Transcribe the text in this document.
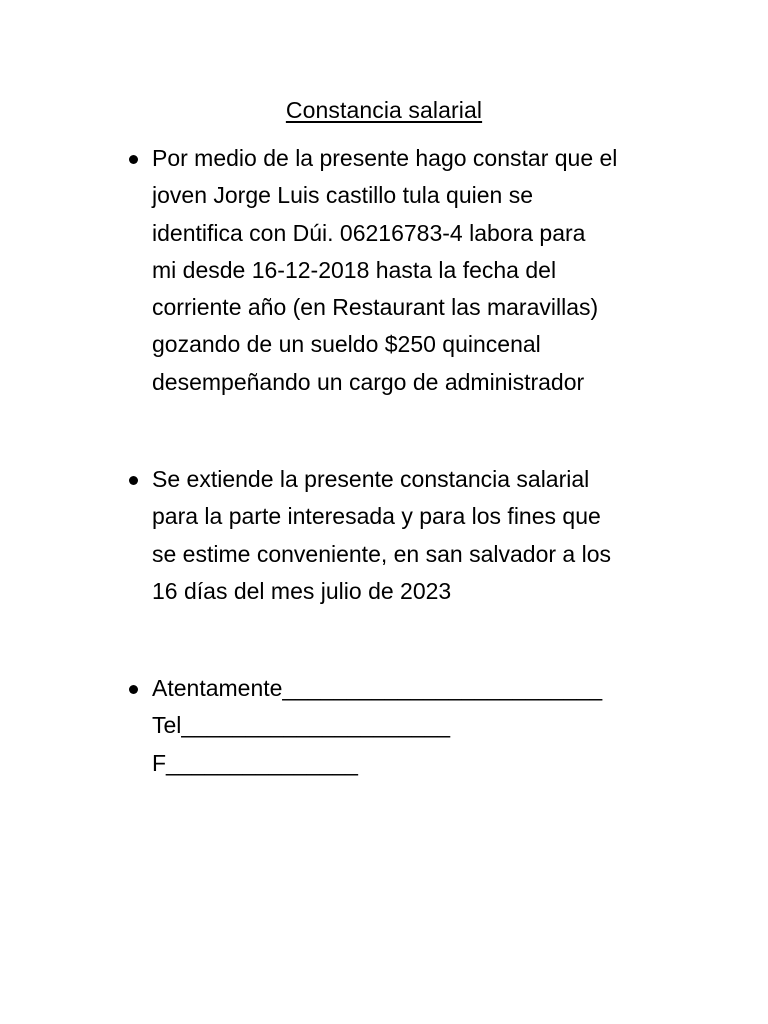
Constancia salarial
Por medio de la presente hago constar que el
joven Jorge Luis castillo tula quien se
identifica con Dúi. 06216783-4 labora para
mi desde 16-12-2018 hasta la fecha del
corriente año (en Restaurant las maravillas)
gozando de un sueldo $250 quincenal
desempeñando un cargo de administrador
Se extiende la presente constancia salarial
para la parte interesada y para los fines que
se estime conveniente, en san salvador a los
16 días del mes julio de 2023
Atentamente_________________________
Tel_____________________
F_______________
